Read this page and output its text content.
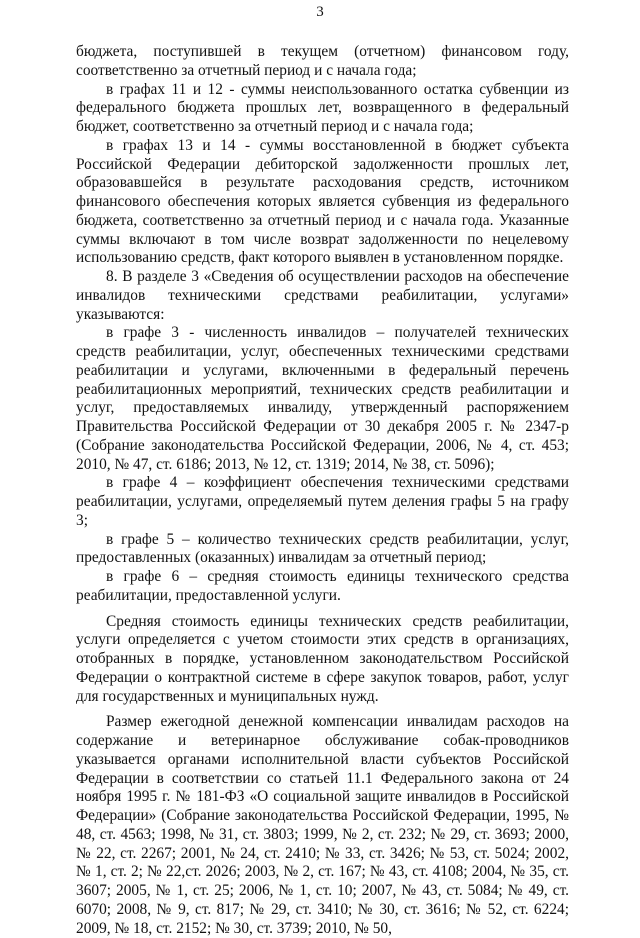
3

бюджета, поступившей в текущем (отчетном) финансовом году, соответственно за отчетный период и с начала года;

в графах 11 и 12 - суммы неиспользованного остатка субвенции из федерального бюджета прошлых лет, возвращенного в федеральный бюджет, соответственно за отчетный период и с начала года;

в графах 13 и 14 - суммы восстановленной в бюджет субъекта Российской Федерации дебиторской задолженности прошлых лет, образовавшейся в результате расходования средств, источником финансового обеспечения которых является субвенция из федерального бюджета, соответственно за отчетный период и с начала года. Указанные суммы включают в том числе возврат задолженности по нецелевому использованию средств, факт которого выявлен в установленном порядке.

8. В разделе 3 «Сведения об осуществлении расходов на обеспечение инвалидов техническими средствами реабилитации, услугами» указываются:

в графе 3 - численность инвалидов – получателей технических средств реабилитации, услуг, обеспеченных техническими средствами реабилитации и услугами, включенными в федеральный перечень реабилитационных мероприятий, технических средств реабилитации и услуг, предоставляемых инвалиду, утвержденный распоряжением Правительства Российской Федерации от 30 декабря 2005 г. № 2347-р (Собрание законодательства Российской Федерации, 2006, № 4, ст. 453; 2010, № 47, ст. 6186; 2013, № 12, ст. 1319; 2014, № 38, ст. 5096);

в графе 4 – коэффициент обеспечения техническими средствами реабилитации, услугами, определяемый путем деления графы 5 на графу 3;

в графе 5 – количество технических средств реабилитации, услуг, предоставленных (оказанных) инвалидам за отчетный период;

в графе 6 – средняя стоимость единицы технического средства реабилитации, предоставленной услуги.

Средняя стоимость единицы технических средств реабилитации, услуги определяется с учетом стоимости этих средств в организациях, отобранных в порядке, установленном законодательством Российской Федерации о контрактной системе в сфере закупок товаров, работ, услуг для государственных и муниципальных нужд.

Размер ежегодной денежной компенсации инвалидам расходов на содержание и ветеринарное обслуживание собак-проводников указывается органами исполнительной власти субъектов Российской Федерации в соответствии со статьей 11.1 Федерального закона от 24 ноября 1995 г. № 181-ФЗ «О социальной защите инвалидов в Российской Федерации» (Собрание законодательства Российской Федерации, 1995, № 48, ст. 4563; 1998, № 31, ст. 3803; 1999, № 2, ст. 232; № 29, ст. 3693; 2000, № 22, ст. 2267; 2001, № 24, ст. 2410; № 33, ст. 3426; № 53, ст. 5024; 2002, № 1, ст. 2; № 22,ст. 2026; 2003, № 2, ст. 167; № 43, ст. 4108; 2004, № 35, ст. 3607; 2005, № 1, ст. 25; 2006, № 1, ст. 10; 2007, № 43, ст. 5084; № 49, ст. 6070; 2008, № 9, ст. 817; № 29, ст. 3410; № 30, ст. 3616; № 52, ст. 6224; 2009, № 18, ст. 2152; № 30, ст. 3739; 2010, № 50,
